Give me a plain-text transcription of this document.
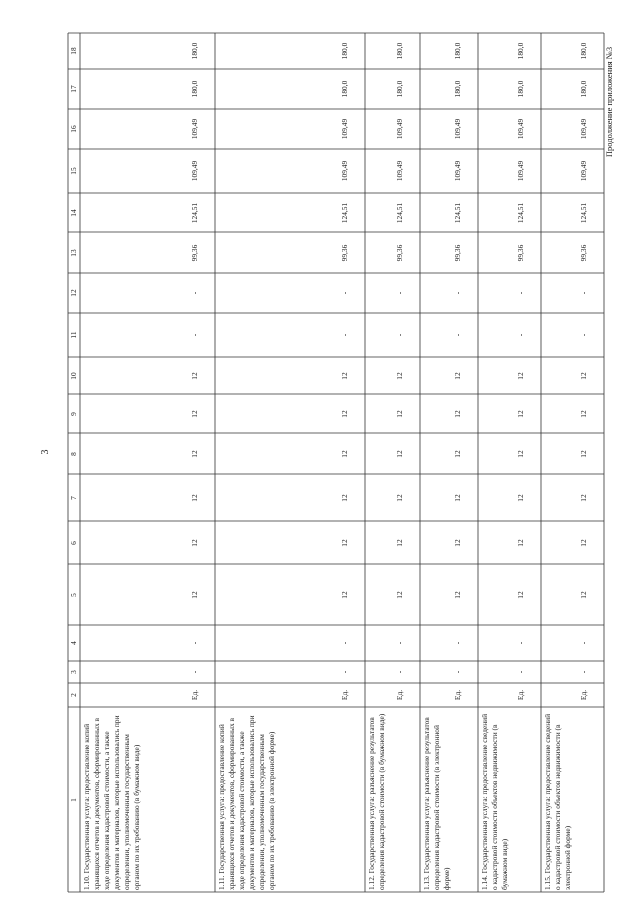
3
Продолжение приложения №3
1
2
3
4
5
6
7
8
9
10
11
12
13
14
15
16
17
18
1.10. Государственная услуга: предоставление копий хранящихся отчетов и документов, сформированных в ходе определения кадастровой стоимости, а также документов и материалов, которые использовались при определении, уполномоченным государственным органом по их требованию (в бумажном виде)
Ед.
-
-
12
12
12
12
12
12
-
-
99,36
124,51
109,49
109,49
180,0
180,0
1.11. Государственная услуга: предоставление копий хранящихся отчетов и документов, сформированных в ходе определения кадастровой стоимости, а также документов и материалов, которые использовались при определении, уполномоченным государственным органом по их требованию (в электронной форме)
Ед.
-
-
12
12
12
12
12
12
-
-
99,36
124,51
109,49
109,49
180,0
180,0
1.12. Государственная услуга: разъяснение результатов определения кадастровой стоимости (в бумажном виде)
Ед.
-
-
12
12
12
12
12
12
-
-
99,36
124,51
109,49
109,49
180,0
180,0
1.13. Государственная услуга: разъяснение результатов определения кадастровой стоимости (в электронной форме)
Ед.
-
-
12
12
12
12
12
12
-
-
99,36
124,51
109,49
109,49
180,0
180,0
1.14. Государственная услуга: предоставление сведений о кадастровой стоимости объектов недвижимости (в бумажном виде)
Ед.
-
-
12
12
12
12
12
12
-
-
99,36
124,51
109,49
109,49
180,0
180,0
1.15. Государственная услуга: предоставление сведений о кадастровой стоимости объектов недвижимости (в электронной форме)
Ед.
-
-
12
12
12
12
12
12
-
-
99,36
124,51
109,49
109,49
180,0
180,0
